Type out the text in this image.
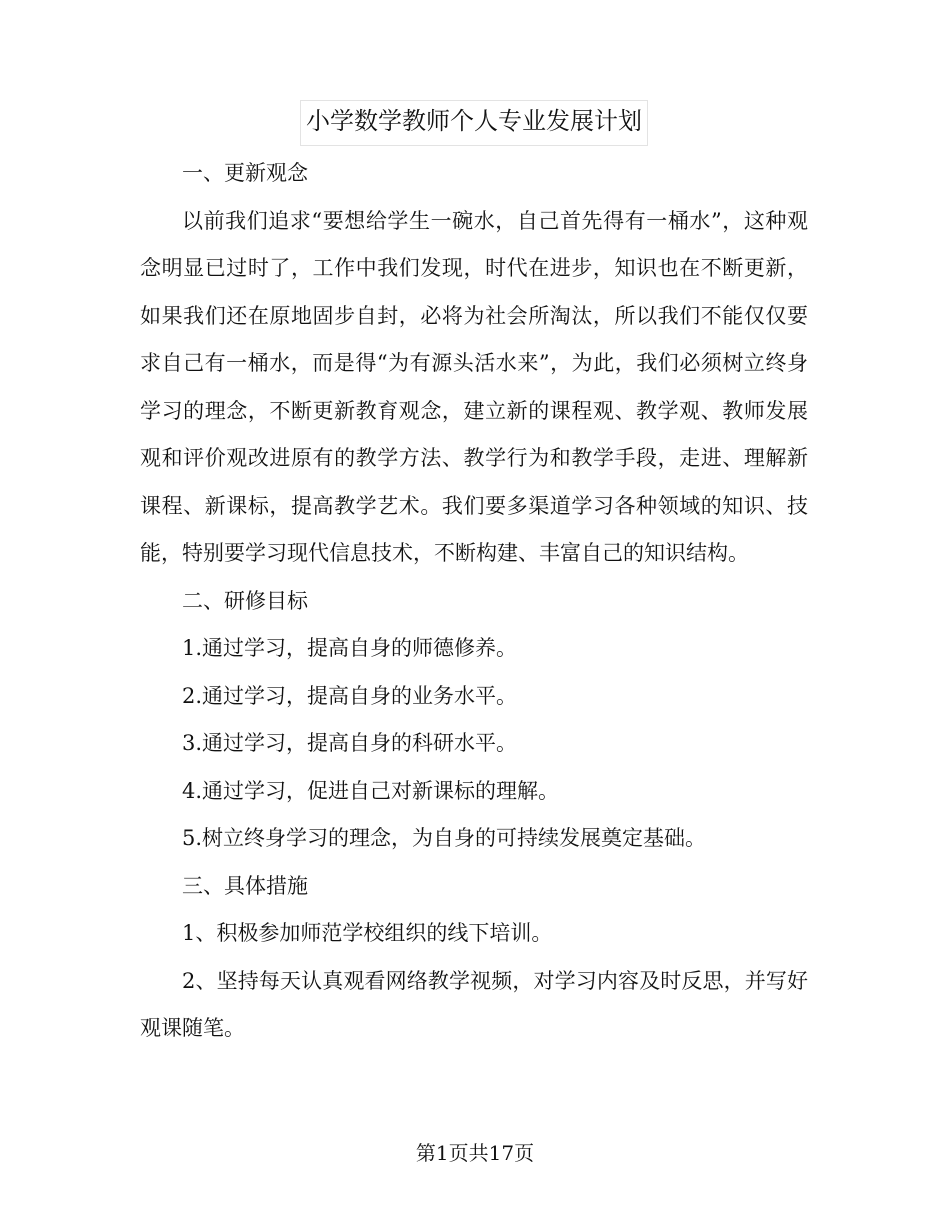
小学数学教师个人专业发展计划

一、更新观念

以前我们追求“要想给学生一碗水，自己首先得有一桶水”，这种观念明显已过时了，工作中我们发现，时代在进步，知识也在不断更新，如果我们还在原地固步自封，必将为社会所淘汰，所以我们不能仅仅要求自己有一桶水，而是得“为有源头活水来”，为此，我们必须树立终身学习的理念，不断更新教育观念，建立新的课程观、教学观、教师发展观和评价观改进原有的教学方法、教学行为和教学手段，走进、理解新课程、新课标，提高教学艺术。我们要多渠道学习各种领域的知识、技能，特别要学习现代信息技术，不断构建、丰富自己的知识结构。

二、研修目标

1.通过学习，提高自身的师德修养。

2.通过学习，提高自身的业务水平。

3.通过学习，提高自身的科研水平。

4.通过学习，促进自己对新课标的理解。

5.树立终身学习的理念，为自身的可持续发展奠定基础。

三、具体措施

1、积极参加师范学校组织的线下培训。

2、坚持每天认真观看网络教学视频，对学习内容及时反思，并写好观课随笔。

第1页共17页
